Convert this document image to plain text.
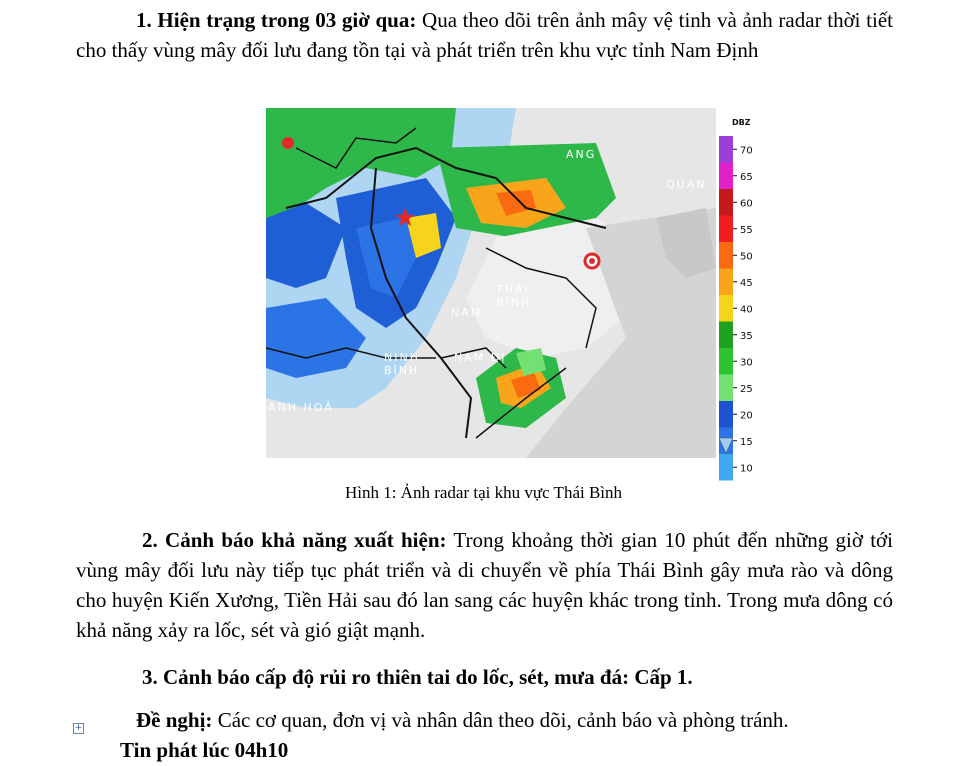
1. Hiện trạng trong 03 giờ qua: Qua theo dõi trên ảnh mây vệ tinh và ảnh radar thời tiết cho thấy vùng mây đối lưu đang tồn tại và phát triển trên khu vực tỉnh Nam Định

ANG
QUAN
THÁI
BÌNH
NAM
NINH
BÌNH
NAM ĐỊ
ANH HOÁ
DBZ
70
65
60
55
50
45
40
35
30
25
20
15
10
Hình 1: Ảnh radar tại khu vực Thái Bình

2. Cảnh báo khả năng xuất hiện: Trong khoảng thời gian 10 phút đến những giờ tới vùng mây đối lưu này tiếp tục phát triển và di chuyển về phía Thái Bình gây mưa rào và dông cho huyện Kiến Xương, Tiền Hải sau đó lan sang các huyện khác trong tỉnh. Trong mưa dông có khả năng xảy ra lốc, sét và gió giật mạnh.

3. Cảnh báo cấp độ rủi ro thiên tai do lốc, sét, mưa đá: Cấp 1.

+	Đề nghị: Các cơ quan, đơn vị và nhân dân theo dõi, cảnh báo và phòng tránh.

Tin phát lúc 04h10
